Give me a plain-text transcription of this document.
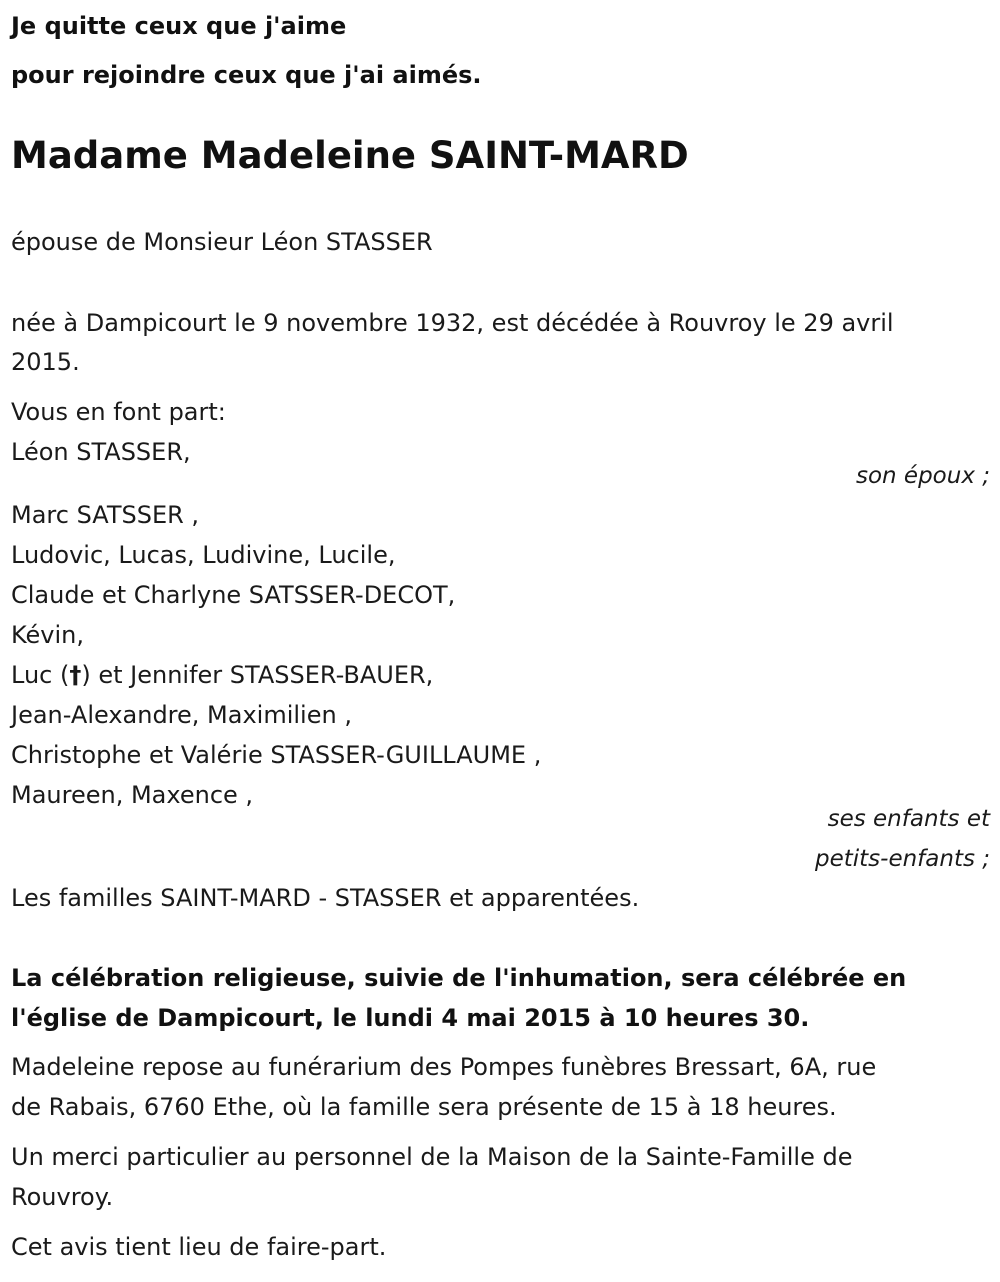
Je quitte ceux que j'aime
pour rejoindre ceux que j'ai aimés.
Madame Madeleine SAINT-MARD
épouse de Monsieur Léon STASSER
née à Dampicourt le 9 novembre 1932, est décédée à Rouvroy le 29 avril
2015.
Vous en font part:
Léon STASSER,
son époux ;
Marc SATSSER ,
Ludovic, Lucas, Ludivine, Lucile,
Claude et Charlyne SATSSER-DECOT,
Kévin,
Luc (†) et Jennifer STASSER-BAUER,
Jean-Alexandre, Maximilien ,
Christophe et Valérie STASSER-GUILLAUME ,
Maureen, Maxence ,
ses enfants et
petits-enfants ;
Les familles SAINT-MARD - STASSER et apparentées.
La célébration religieuse, suivie de l'inhumation, sera célébrée en
l'église de Dampicourt, le lundi 4 mai 2015 à 10 heures 30.
Madeleine repose au funérarium des Pompes funèbres Bressart, 6A, rue
de Rabais, 6760 Ethe, où la famille sera présente de 15 à 18 heures.
Un merci particulier au personnel de la Maison de la Sainte-Famille de
Rouvroy.
Cet avis tient lieu de faire-part.
